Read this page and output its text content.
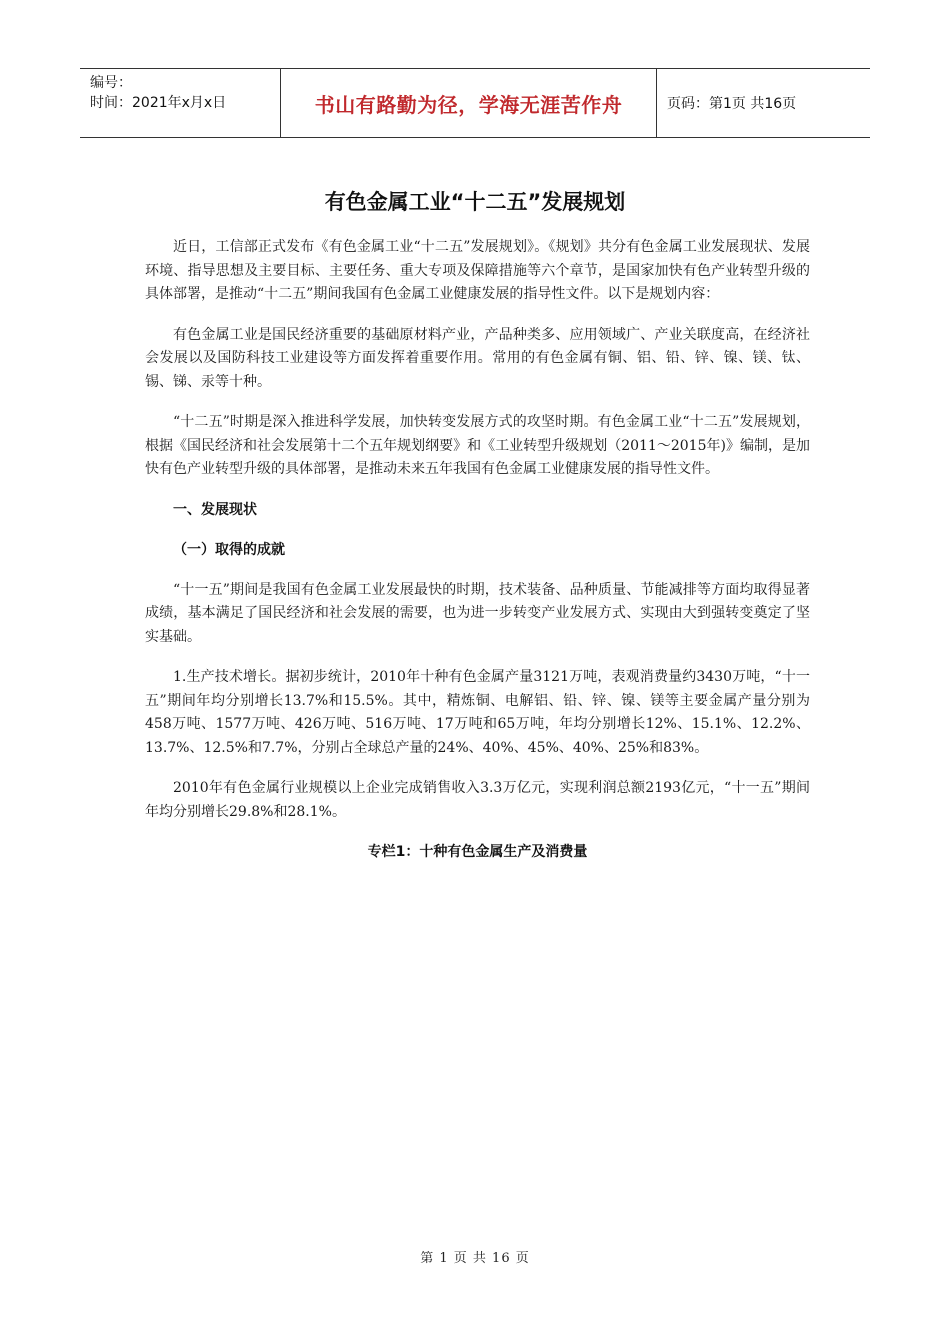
编号：
时间：2021年x月x日	书山有路勤为径，学海无涯苦作舟	页码：第1页 共16页
有色金属工业“十二五”发展规划

近日，工信部正式发布《有色金属工业“十二五”发展规划》。《规划》共分有色金属工业发展现状、发展环境、指导思想及主要目标、主要任务、重大专项及保障措施等六个章节，是国家加快有色产业转型升级的具体部署，是推动“十二五”期间我国有色金属工业健康发展的指导性文件。以下是规划内容：

有色金属工业是国民经济重要的基础原材料产业，产品种类多、应用领域广、产业关联度高，在经济社会发展以及国防科技工业建设等方面发挥着重要作用。常用的有色金属有铜、铝、铅、锌、镍、镁、钛、锡、锑、汞等十种。

“十二五”时期是深入推进科学发展，加快转变发展方式的攻坚时期。有色金属工业“十二五”发展规划，根据《国民经济和社会发展第十二个五年规划纲要》和《工业转型升级规划（2011～2015年)》编制，是加快有色产业转型升级的具体部署，是推动未来五年我国有色金属工业健康发展的指导性文件。

一、发展现状
（一）取得的成就

“十一五”期间是我国有色金属工业发展最快的时期，技术装备、品种质量、节能减排等方面均取得显著成绩，基本满足了国民经济和社会发展的需要，也为进一步转变产业发展方式、实现由大到强转变奠定了坚实基础。

1.生产技术增长。据初步统计，2010年十种有色金属产量3121万吨，表观消费量约3430万吨，“十一五”期间年均分别增长13.7%和15.5%。其中，精炼铜、电解铝、铅、锌、镍、镁等主要金属产量分别为458万吨、1577万吨、426万吨、516万吨、17万吨和65万吨，年均分别增长12%、15.1%、12.2%、13.7%、12.5%和7.7%，分别占全球总产量的24%、40%、45%、40%、25%和83%。

2010年有色金属行业规模以上企业完成销售收入3.3万亿元，实现利润总额2193亿元，“十一五”期间年均分别增长29.8%和28.1%。

专栏1：十种有色金属生产及消费量
第 1 页 共 16 页
